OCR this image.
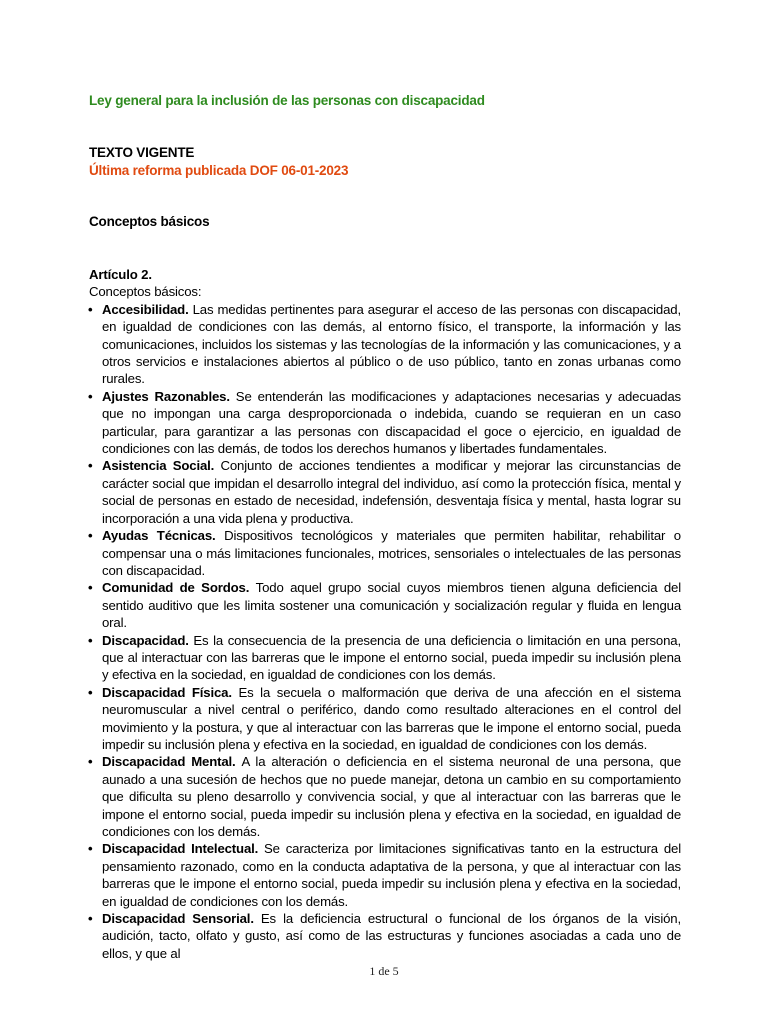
Ley general para la inclusión de las personas con discapacidad
TEXTO VIGENTE
Última reforma publicada DOF 06-01-2023
Conceptos básicos
Artículo 2.
Conceptos básicos:
• Accesibilidad. Las medidas pertinentes para asegurar el acceso de las personas con discapacidad, en igualdad de condiciones con las demás, al entorno físico, el transporte, la información y las comunicaciones, incluidos los sistemas y las tecnologías de la información y las comunicaciones, y a otros servicios e instalaciones abiertos al público o de uso público, tanto en zonas urbanas como rurales.
• Ajustes Razonables. Se entenderán las modificaciones y adaptaciones necesarias y adecuadas que no impongan una carga desproporcionada o indebida, cuando se requieran en un caso particular, para garantizar a las personas con discapacidad el goce o ejercicio, en igualdad de condiciones con las demás, de todos los derechos humanos y libertades fundamentales.
• Asistencia Social. Conjunto de acciones tendientes a modificar y mejorar las circunstancias de carácter social que impidan el desarrollo integral del individuo, así como la protección física, mental y social de personas en estado de necesidad, indefensión, desventaja física y mental, hasta lograr su incorporación a una vida plena y productiva.
• Ayudas Técnicas. Dispositivos tecnológicos y materiales que permiten habilitar, rehabilitar o compensar una o más limitaciones funcionales, motrices, sensoriales o intelectuales de las personas con discapacidad.
• Comunidad de Sordos. Todo aquel grupo social cuyos miembros tienen alguna deficiencia del sentido auditivo que les limita sostener una comunicación y socialización regular y fluida en lengua oral.
• Discapacidad. Es la consecuencia de la presencia de una deficiencia o limitación en una persona, que al interactuar con las barreras que le impone el entorno social, pueda impedir su inclusión plena y efectiva en la sociedad, en igualdad de condiciones con los demás.
• Discapacidad Física. Es la secuela o malformación que deriva de una afección en el sistema neuromuscular a nivel central o periférico, dando como resultado alteraciones en el control del movimiento y la postura, y que al interactuar con las barreras que le impone el entorno social, pueda impedir su inclusión plena y efectiva en la sociedad, en igualdad de condiciones con los demás.
• Discapacidad Mental. A la alteración o deficiencia en el sistema neuronal de una persona, que aunado a una sucesión de hechos que no puede manejar, detona un cambio en su comportamiento que dificulta su pleno desarrollo y convivencia social, y que al interactuar con las barreras que le impone el entorno social, pueda impedir su inclusión plena y efectiva en la sociedad, en igualdad de condiciones con los demás.
• Discapacidad Intelectual. Se caracteriza por limitaciones significativas tanto en la estructura del pensamiento razonado, como en la conducta adaptativa de la persona, y que al interactuar con las barreras que le impone el entorno social, pueda impedir su inclusión plena y efectiva en la sociedad, en igualdad de condiciones con los demás.
• Discapacidad Sensorial. Es la deficiencia estructural o funcional de los órganos de la visión, audición, tacto, olfato y gusto, así como de las estructuras y funciones asociadas a cada uno de ellos, y que al
1 de 5
